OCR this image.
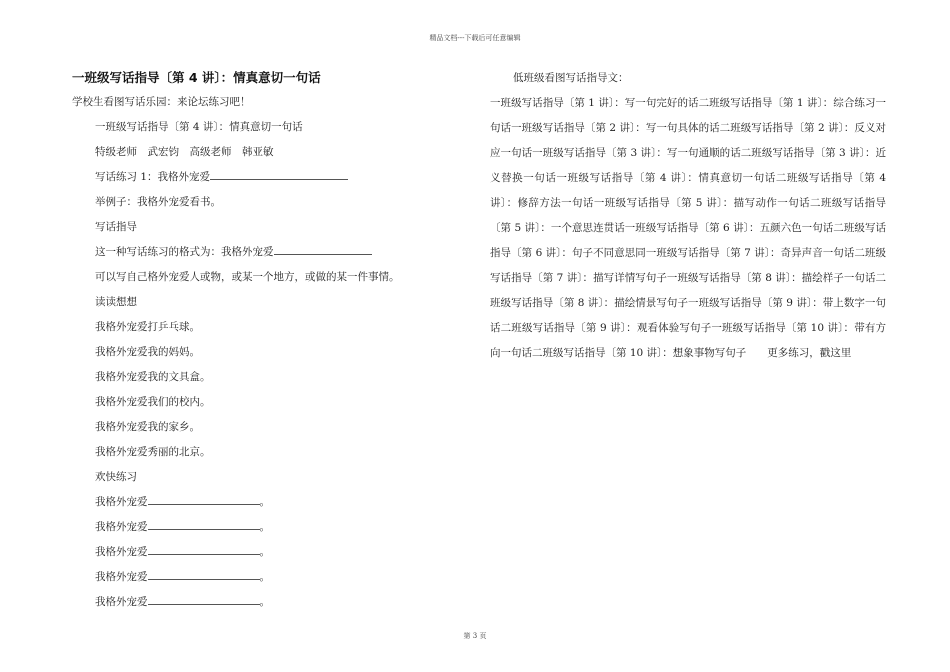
精品文档---下载后可任意编辑
一班级写话指导〔第 4 讲〕：情真意切一句话
学校生看图写话乐园：来论坛练习吧！
一班级写话指导〔第 4 讲〕：情真意切一句话
特级老师　武宏钧　高级老师　韩亚敏
写话练习 1：我格外宠爱
举例子：我格外宠爱看书。
写话指导
这一种写话练习的格式为：我格外宠爱
可以写自己格外宠爱人或物，或某一个地方，或做的某一件事情。
读读想想
我格外宠爱打乒乓球。
我格外宠爱我的妈妈。
我格外宠爱我的文具盒。
我格外宠爱我们的校内。
我格外宠爱我的家乡。
我格外宠爱秀丽的北京。
欢快练习
我格外宠爱	。
我格外宠爱	。
我格外宠爱	。
我格外宠爱	。
我格外宠爱	。
低班级看图写话指导文：

一班级写话指导〔第 1 讲〕：写一句完好的话二班级写话指导〔第 1 讲〕：综合练习一句话一班级写话指导〔第 2 讲〕：写一句具体的话二班级写话指导〔第 2 讲〕：反义对应一句话一班级写话指导〔第 3 讲〕：写一句通顺的话二班级写话指导〔第 3 讲〕：近义替换一句话一班级写话指导〔第 4 讲〕：情真意切一句话二班级写话指导〔第 4 讲〕：修辞方法一句话一班级写话指导〔第 5 讲〕：描写动作一句话二班级写话指导〔第 5 讲〕：一个意思连贯话一班级写话指导〔第 6 讲〕：五颜六色一句话二班级写话指导〔第 6 讲〕：句子不同意思同一班级写话指导〔第 7 讲〕：奇异声音一句话二班级写话指导〔第 7 讲〕：描写详情写句子一班级写话指导〔第 8 讲〕：描绘样子一句话二班级写话指导〔第 8 讲〕：描绘情景写句子一班级写话指导〔第 9 讲〕：带上数字一句话二班级写话指导〔第 9 讲〕：观看体验写句子一班级写话指导〔第 10 讲〕：带有方向一句话二班级写话指导〔第 10 讲〕：想象事物写句子　　更多练习，戳这里

第 3 页
